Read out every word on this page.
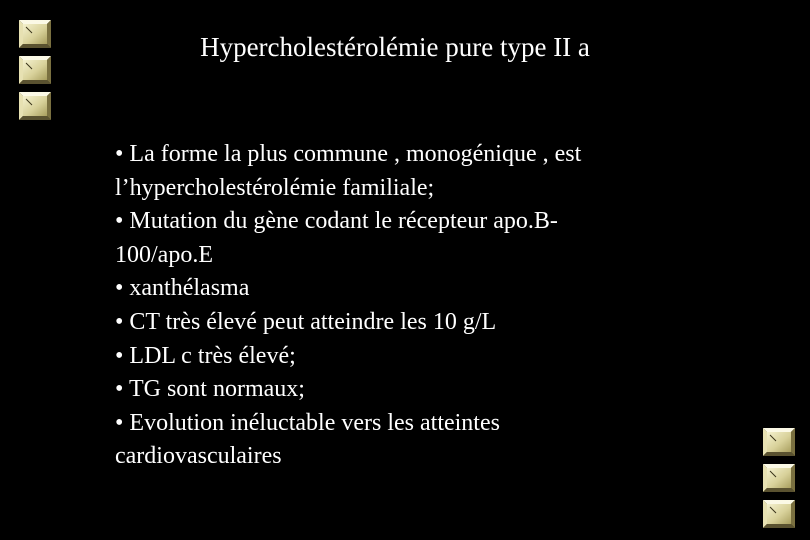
Hypercholestérolémie pure type II a
• La forme la plus commune , monogénique , est
l’hypercholestérolémie familiale;
• Mutation du gène codant le récepteur apo.B-
100/apo.E
• xanthélasma
• CT très élevé peut atteindre les 10 g/L
• LDL c très élevé;
• TG sont normaux;
• Evolution inéluctable vers les atteintes
cardiovasculaires
